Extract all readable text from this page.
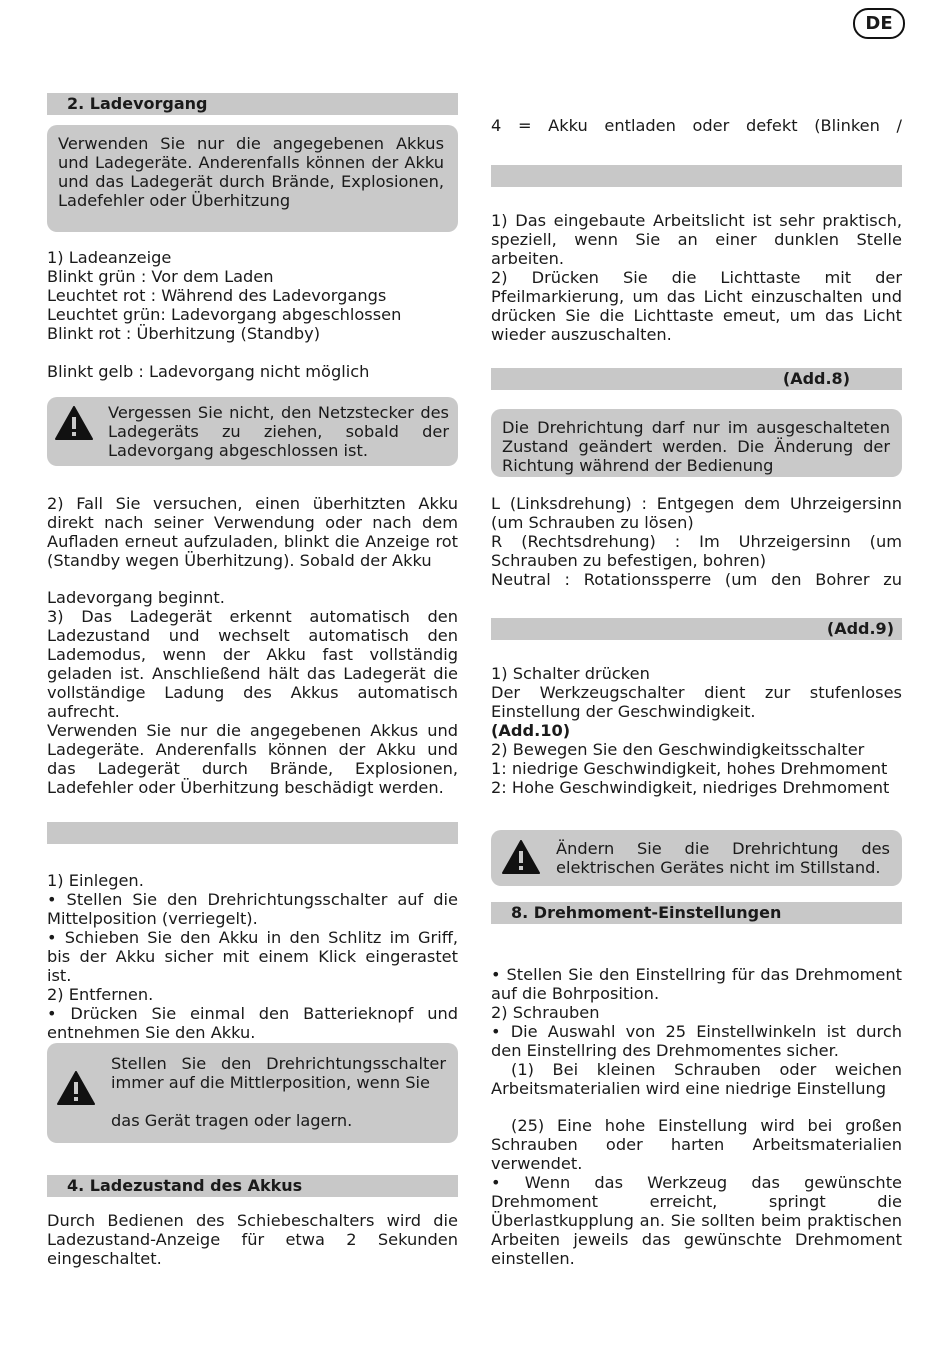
DE
2. Ladevorgang

Verwenden Sie nur die angegebenen Akkus und Ladegeräte. Anderenfalls können der Akku und das Ladegerät durch Brände, Explosionen, Ladefehler oder Überhitzung

1) Ladeanzeige

Blinkt grün : Vor dem Laden

Leuchtet rot : Während des Ladevorgangs

Leuchtet grün: Ladevorgang abgeschlossen

Blinkt rot : Überhitzung (Standby)

Blinkt gelb : Ladevorgang nicht möglich

Vergessen Sie nicht, den Netzstecker des Ladegeräts zu ziehen, sobald der Ladevorgang abgeschlossen ist.

2) Fall Sie versuchen, einen überhitzten Akku direkt nach seiner Verwendung oder nach dem Aufladen erneut aufzuladen, blinkt die Anzeige rot (Standby wegen Überhitzung). Sobald der Akku

Ladevorgang beginnt.

3) Das Ladegerät erkennt automatisch den Ladezustand und wechselt automatisch den Lademodus, wenn der Akku fast vollständig geladen ist. Anschließend hält das Ladegerät die vollständige Ladung des Akkus automatisch aufrecht.

Verwenden Sie nur die angegebenen Akkus und Ladegeräte. Anderenfalls können der Akku und das Ladegerät durch Brände, Explosionen, Ladefehler oder Überhitzung beschädigt werden.

1) Einlegen.

• Stellen Sie den Drehrichtungsschalter auf die Mittelposition (verriegelt).

• Schieben Sie den Akku in den Schlitz im Griff, bis der Akku sicher mit einem Klick eingerastet ist.

2) Entfernen.

• Drücken Sie einmal den Batterieknopf und entnehmen Sie den Akku.

Stellen Sie den Drehrichtungsschalter immer auf die Mittlerposition, wenn Sie

das Gerät tragen oder lagern.

4. Ladezustand des Akkus

Durch Bedienen des Schiebeschalters wird die Ladezustand-Anzeige für etwa 2 Sekunden eingeschaltet.

4 = Akku entladen oder defekt (Blinken /

1) Das eingebaute Arbeitslicht ist sehr praktisch, speziell, wenn Sie an einer dunklen Stelle arbeiten.

2) Drücken Sie die Lichttaste mit der Pfeilmarkierung, um das Licht einzuschalten und drücken Sie die Lichttaste emeut, um das Licht wieder auszuschalten.

(Add.8)

Die Drehrichtung darf nur im ausgeschalteten Zustand geändert werden. Die Änderung der Richtung während der Bedienung

L (Linksdrehung) : Entgegen dem Uhrzeigersinn (um Schrauben zu lösen)

R (Rechtsdrehung) : Im Uhrzeigersinn (um Schrauben zu befestigen, bohren)

Neutral : Rotationssperre (um den Bohrer zu

(Add.9)

1) Schalter drücken

Der Werkzeugschalter dient zur stufenloses Einstellung der Geschwindigkeit.

(Add.10)

2) Bewegen Sie den Geschwindigkeitsschalter

1: niedrige Geschwindigkeit, hohes Drehmoment

2: Hohe Geschwindigkeit, niedriges Drehmoment

Ändern Sie die Drehrichtung des elektrischen Gerätes nicht im Stillstand.

8. Drehmoment-Einstellungen

• Stellen Sie den Einstellring für das Drehmoment auf die Bohrposition.

2) Schrauben

• Die Auswahl von 25 Einstellwinkeln ist durch den Einstellring des Drehmomentes sicher.

(1) Bei kleinen Schrauben oder weichen Arbeitsmaterialien wird eine niedrige Einstellung

(25) Eine hohe Einstellung wird bei großen Schrauben oder harten Arbeitsmaterialien verwendet.

• Wenn das Werkzeug das gewünschte Drehmoment erreicht, springt die Überlastkupplung an. Sie sollten beim praktischen Arbeiten jeweils das gewünschte Drehmoment einstellen.
